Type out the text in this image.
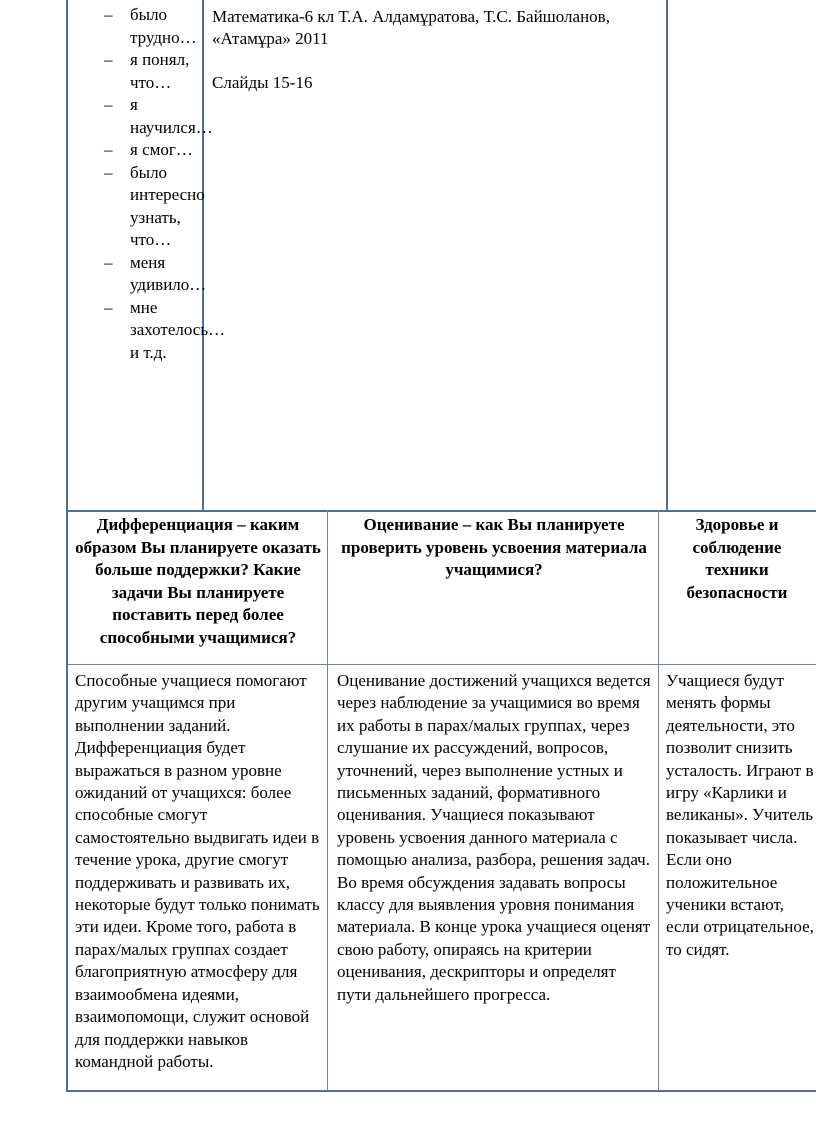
– было трудно…
– я понял, что…
– я научился…
– я смог…
– было интересно узнать, что…
– меня удивило…
– мне захотелось… и т.д.
Математика-6 кл Т.А. Алдамұратова, Т.С. Байшоланов, «Атамұра» 2011
Слайды 15-16
Дифференциация – каким образом Вы планируете оказать больше поддержки? Какие задачи Вы планируете поставить перед более способными учащимися?
Оценивание – как Вы планируете проверить уровень усвоения материала учащимися?
Здоровье и соблюдение техники безопасности
Способные учащиеся помогают другим учащимся при выполнении заданий. Дифференциация будет выражаться в разном уровне ожиданий от учащихся: более способные смогут самостоятельно выдвигать идеи в течение урока, другие смогут поддерживать и развивать их, некоторые будут только понимать эти идеи. Кроме того, работа в парах/малых группах создает благоприятную атмосферу для взаимообмена идеями, взаимопомощи, служит основой для поддержки навыков командной работы.
Оценивание достижений учащихся ведется через наблюдение за учащимися во время их работы в парах/малых группах, через слушание их рассуждений, вопросов, уточнений, через выполнение устных и письменных заданий, формативного оценивания. Учащиеся показывают уровень усвоения данного материала с помощью анализа, разбора, решения задач. Во время обсуждения задавать вопросы классу для выявления уровня понимания материала. В конце урока учащиеся оценят свою работу, опираясь на критерии оценивания, дескрипторы и определят пути дальнейшего прогресса.
Учащиеся будут менять формы деятельности, это позволит снизить усталость. Играют в игру «Карлики и великаны». Учитель показывает числа. Если оно положительное ученики встают, если отрицательное, то сидят.
